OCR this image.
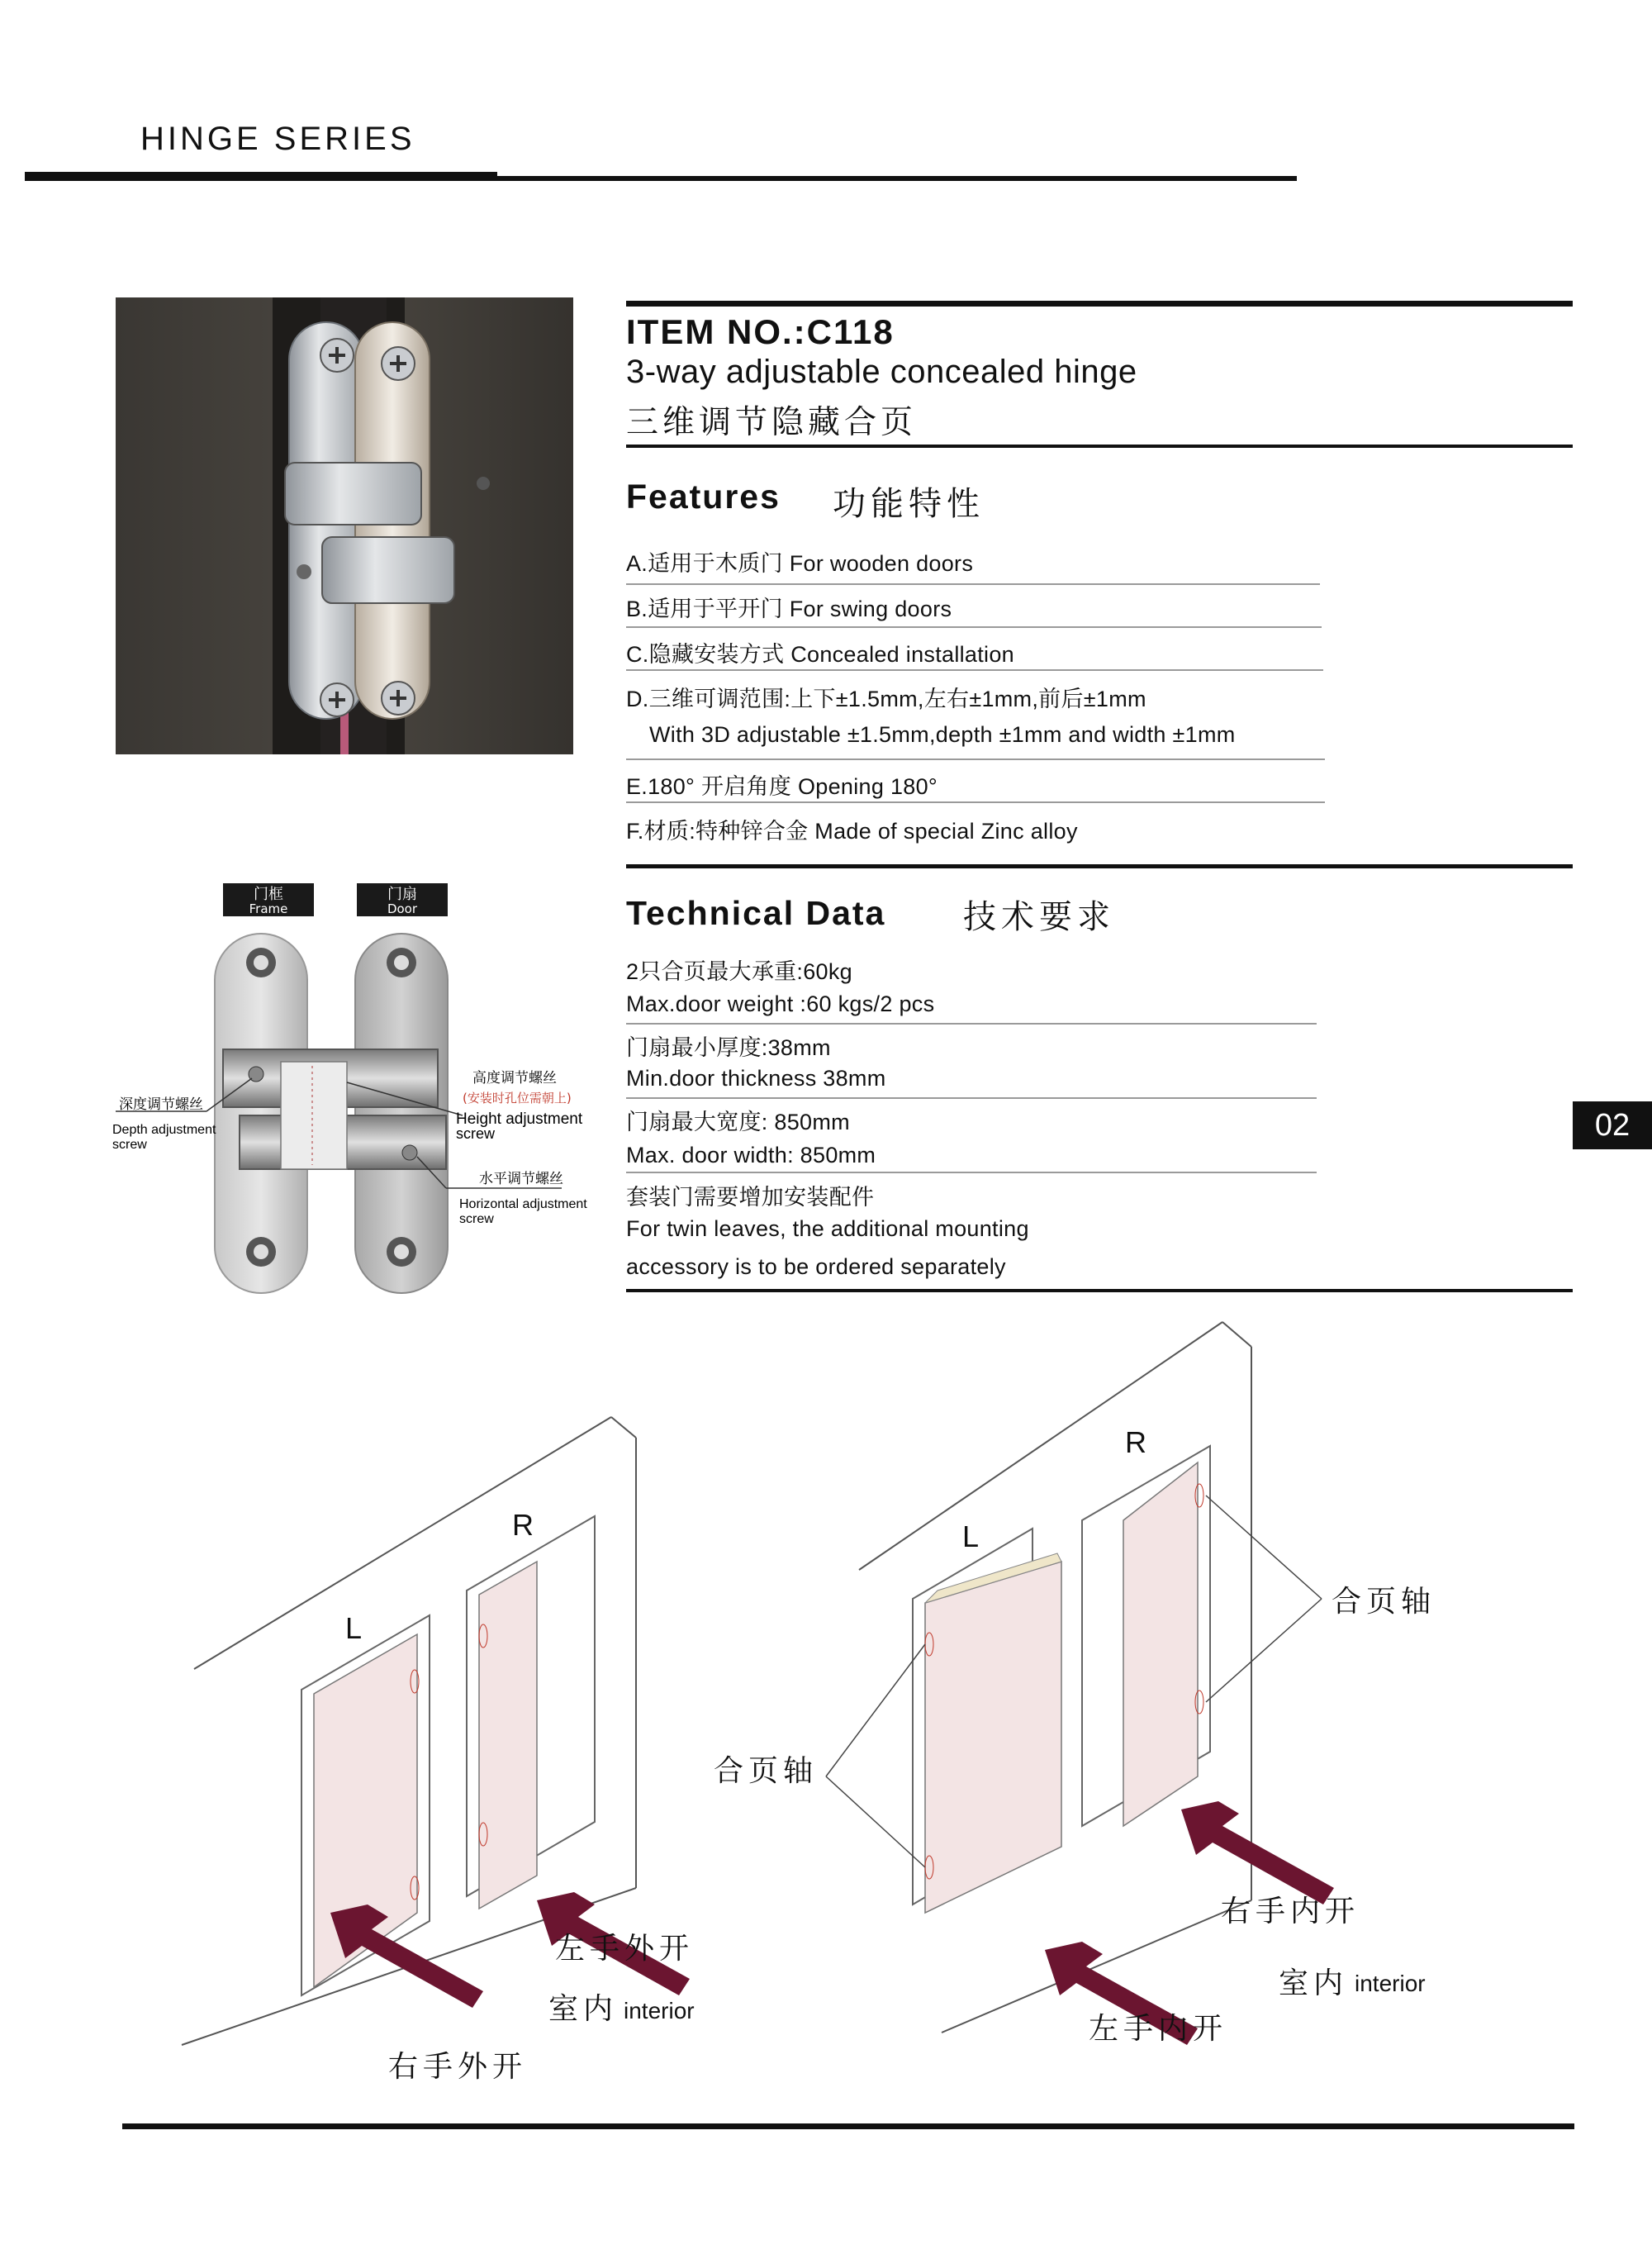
HINGE SERIES
ITEM NO.:C118
3-way adjustable concealed hinge
三维调节隐藏合页
Features 功能特性
A.适用于木质门 For wooden doors
B.适用于平开门 For swing doors
C.隐藏安装方式 Concealed installation
D.三维可调范围:上下±1.5mm,左右±1mm,前后±1mm
With 3D adjustable ±1.5mm,depth ±1mm and width ±1mm
E.180° 开启角度 Opening 180°
F.材质:特种锌合金 Made of special Zinc alloy
Technical Data 技术要求
2只合页最大承重:60kg
Max.door weight :60 kgs/2 pcs
门扇最小厚度:38mm
Min.door thickness 38mm
门扇最大宽度: 850mm
Max. door width: 850mm
套装门需要增加安装配件
For twin leaves, the additional mounting
accessory is to be ordered separately
02
门框
Frame
门扇
Door
深度调节螺丝
Depth adjustment
screw
高度调节螺丝
(安装时孔位需朝上)
Height adjustment
screw
水平调节螺丝
Horizontal adjustment
screw
L
R	L
R
interior
interior
左手外开
右手外开
室内
左手内开
右手内开
室内
合页轴
合页轴
